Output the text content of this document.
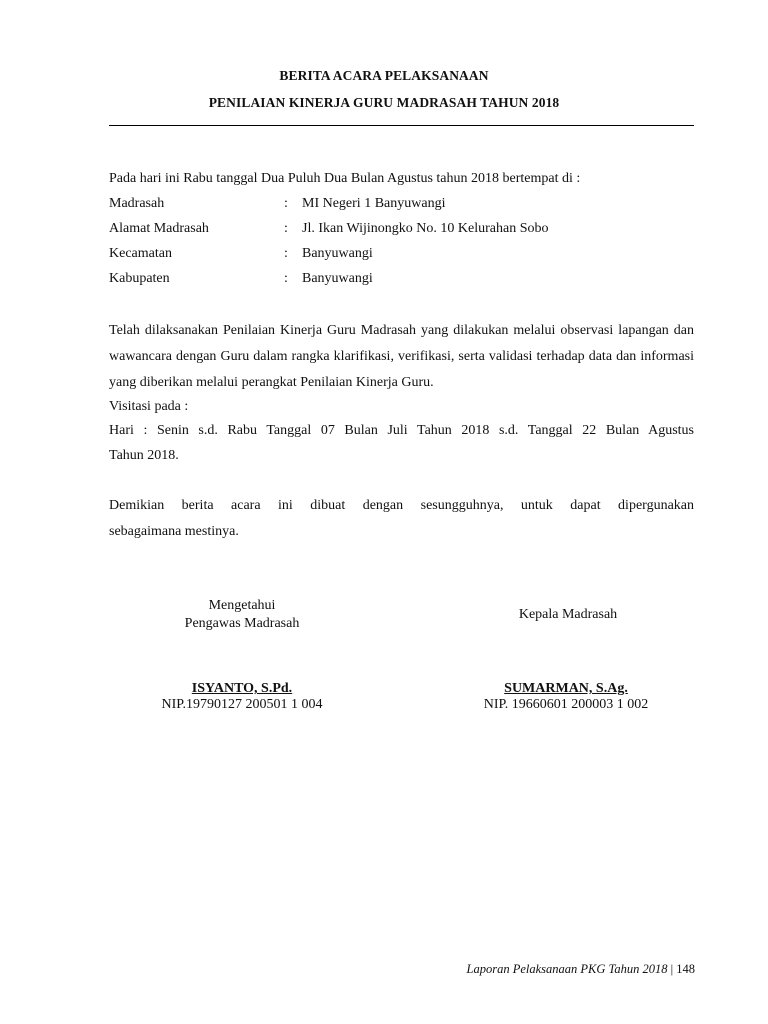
BERITA ACARA PELAKSANAAN
PENILAIAN KINERJA GURU MADRASAH TAHUN 2018
Pada hari ini Rabu tanggal Dua Puluh Dua Bulan Agustus tahun 2018 bertempat di :
Madrasah	: MI Negeri 1 Banyuwangi
Alamat Madrasah	: Jl. Ikan Wijinongko No. 10 Kelurahan Sobo
Kecamatan	: Banyuwangi
Kabupaten	: Banyuwangi
Telah dilaksanakan Penilaian Kinerja Guru Madrasah yang dilakukan melalui observasi lapangan dan wawancara dengan Guru dalam rangka klarifikasi, verifikasi, serta validasi terhadap data dan informasi yang diberikan melalui perangkat Penilaian Kinerja Guru.
Visitasi pada :
Hari : Senin s.d. Rabu Tanggal 07 Bulan Juli Tahun 2018 s.d. Tanggal 22 Bulan Agustus
Tahun 2018.
Demikian berita acara ini dibuat dengan sesungguhnya, untuk dapat dipergunakan
sebagaimana mestinya.
Mengetahui
Pengawas Madrasah
Kepala Madrasah
ISYANTO, S.Pd.
NIP.19790127 200501 1 004
SUMARMAN, S.Ag.
NIP. 19660601 200003 1 002
Laporan Pelaksanaan PKG Tahun 2018 | 148
